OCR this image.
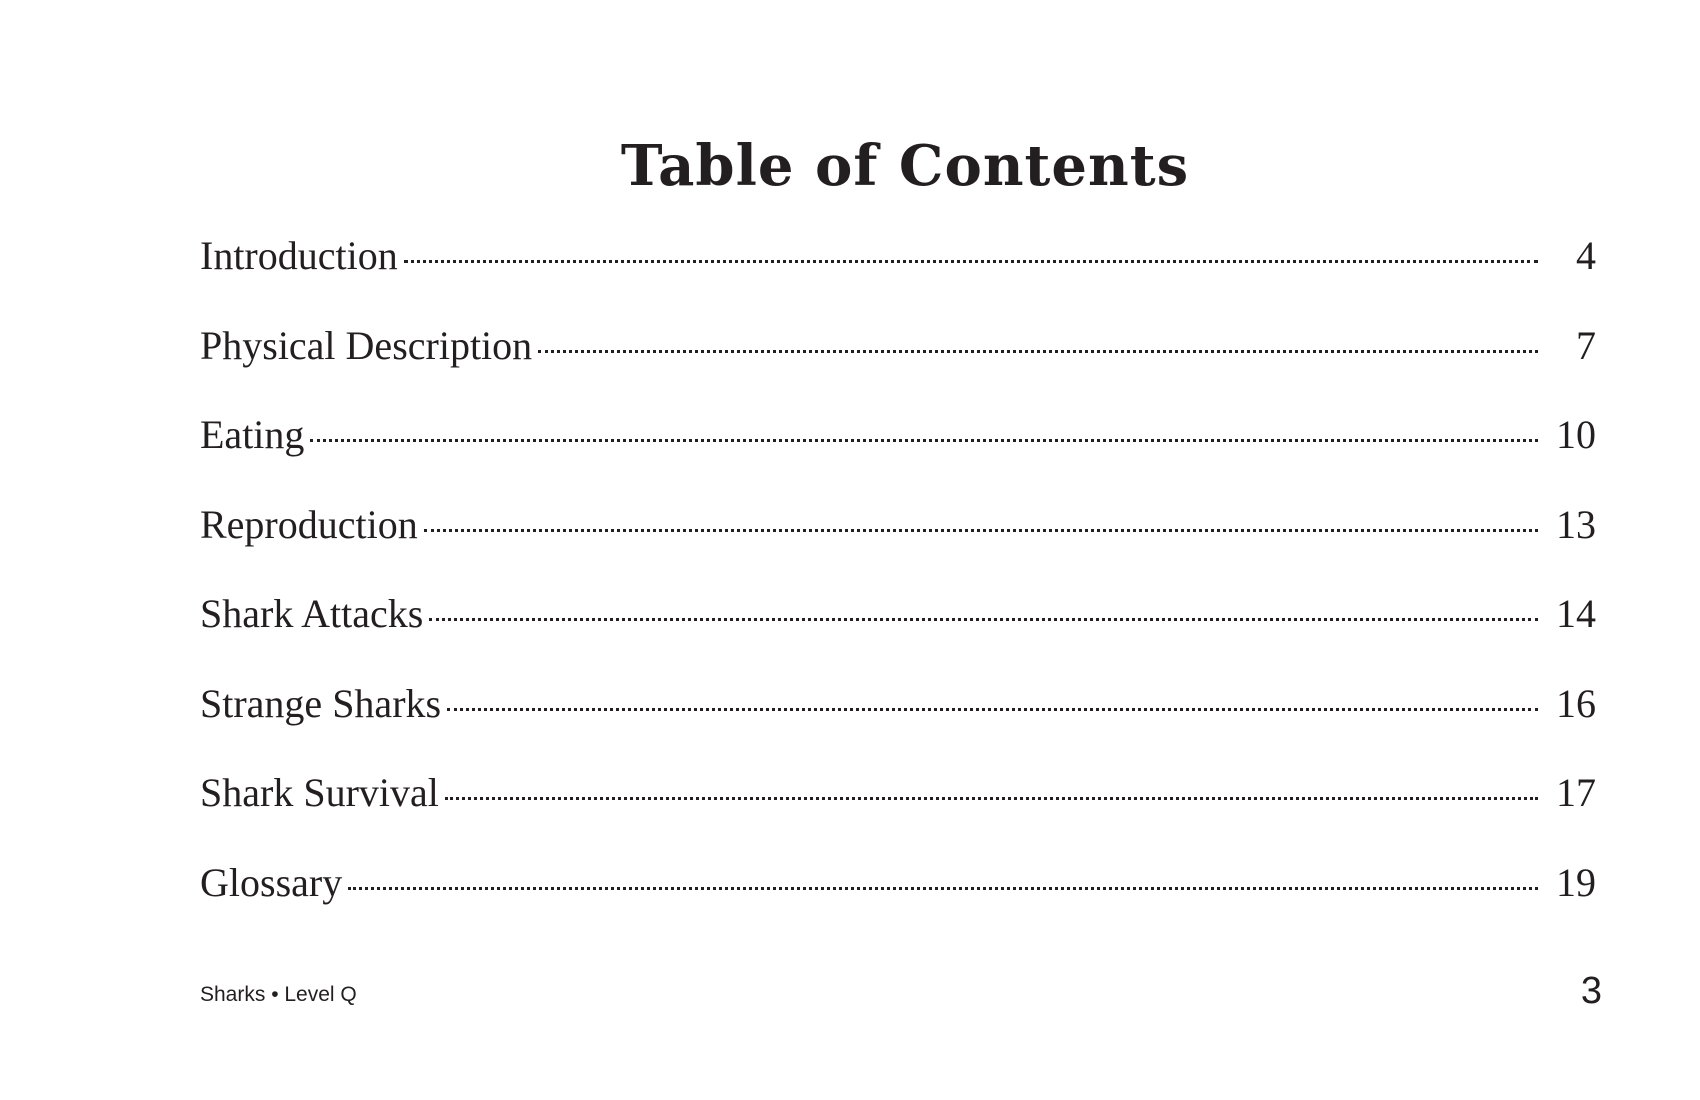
Table of Contents
Introduction	4
Physical Description	7
Eating	10
Reproduction	13
Shark Attacks	14
Strange Sharks	16
Shark Survival	17
Glossary	19
Sharks • Level Q	3
